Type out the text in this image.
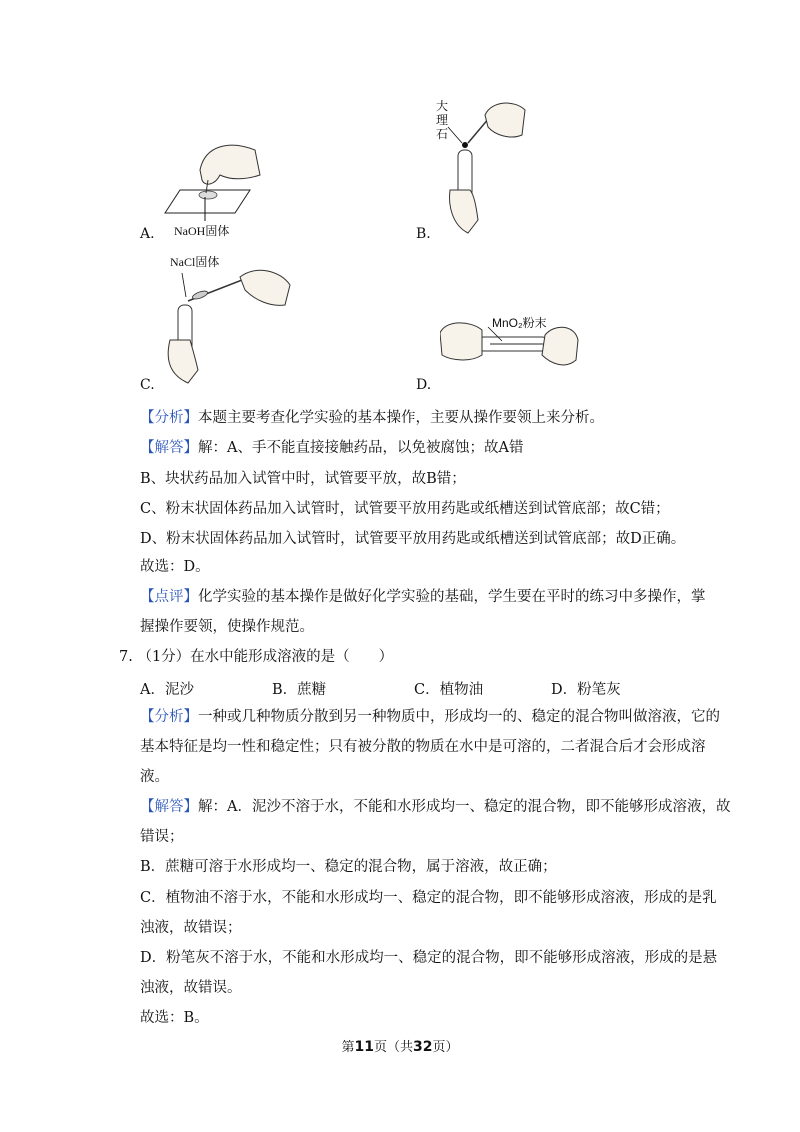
NaOH固体
A.
大理石
B.
NaCl固体
C.
MnO₂粉末
D.
【分析】本题主要考查化学实验的基本操作，主要从操作要领上来分析。
【解答】解：A、手不能直接接触药品，以免被腐蚀；故A错
B、块状药品加入试管中时，试管要平放，故B错；
C、粉末状固体药品加入试管时，试管要平放用药匙或纸槽送到试管底部；故C错；
D、粉末状固体药品加入试管时，试管要平放用药匙或纸槽送到试管底部；故D正确。
故选：D。
【点评】化学实验的基本操作是做好化学实验的基础，学生要在平时的练习中多操作，掌
握操作要领，使操作规范。
7. （1分）在水中能形成溶液的是（　　）
A．泥沙	B．蔗糖	C．植物油	D．粉笔灰
【分析】一种或几种物质分散到另一种物质中，形成均一的、稳定的混合物叫做溶液，它的
基本特征是均一性和稳定性；只有被分散的物质在水中是可溶的，二者混合后才会形成溶
液。
【解答】解：A．泥沙不溶于水，不能和水形成均一、稳定的混合物，即不能够形成溶液，故
错误；
B．蔗糖可溶于水形成均一、稳定的混合物，属于溶液，故正确；
C．植物油不溶于水，不能和水形成均一、稳定的混合物，即不能够形成溶液，形成的是乳
浊液，故错误；
D．粉笔灰不溶于水，不能和水形成均一、稳定的混合物，即不能够形成溶液，形成的是悬
浊液，故错误。
故选：B。
第11页（共32页）
